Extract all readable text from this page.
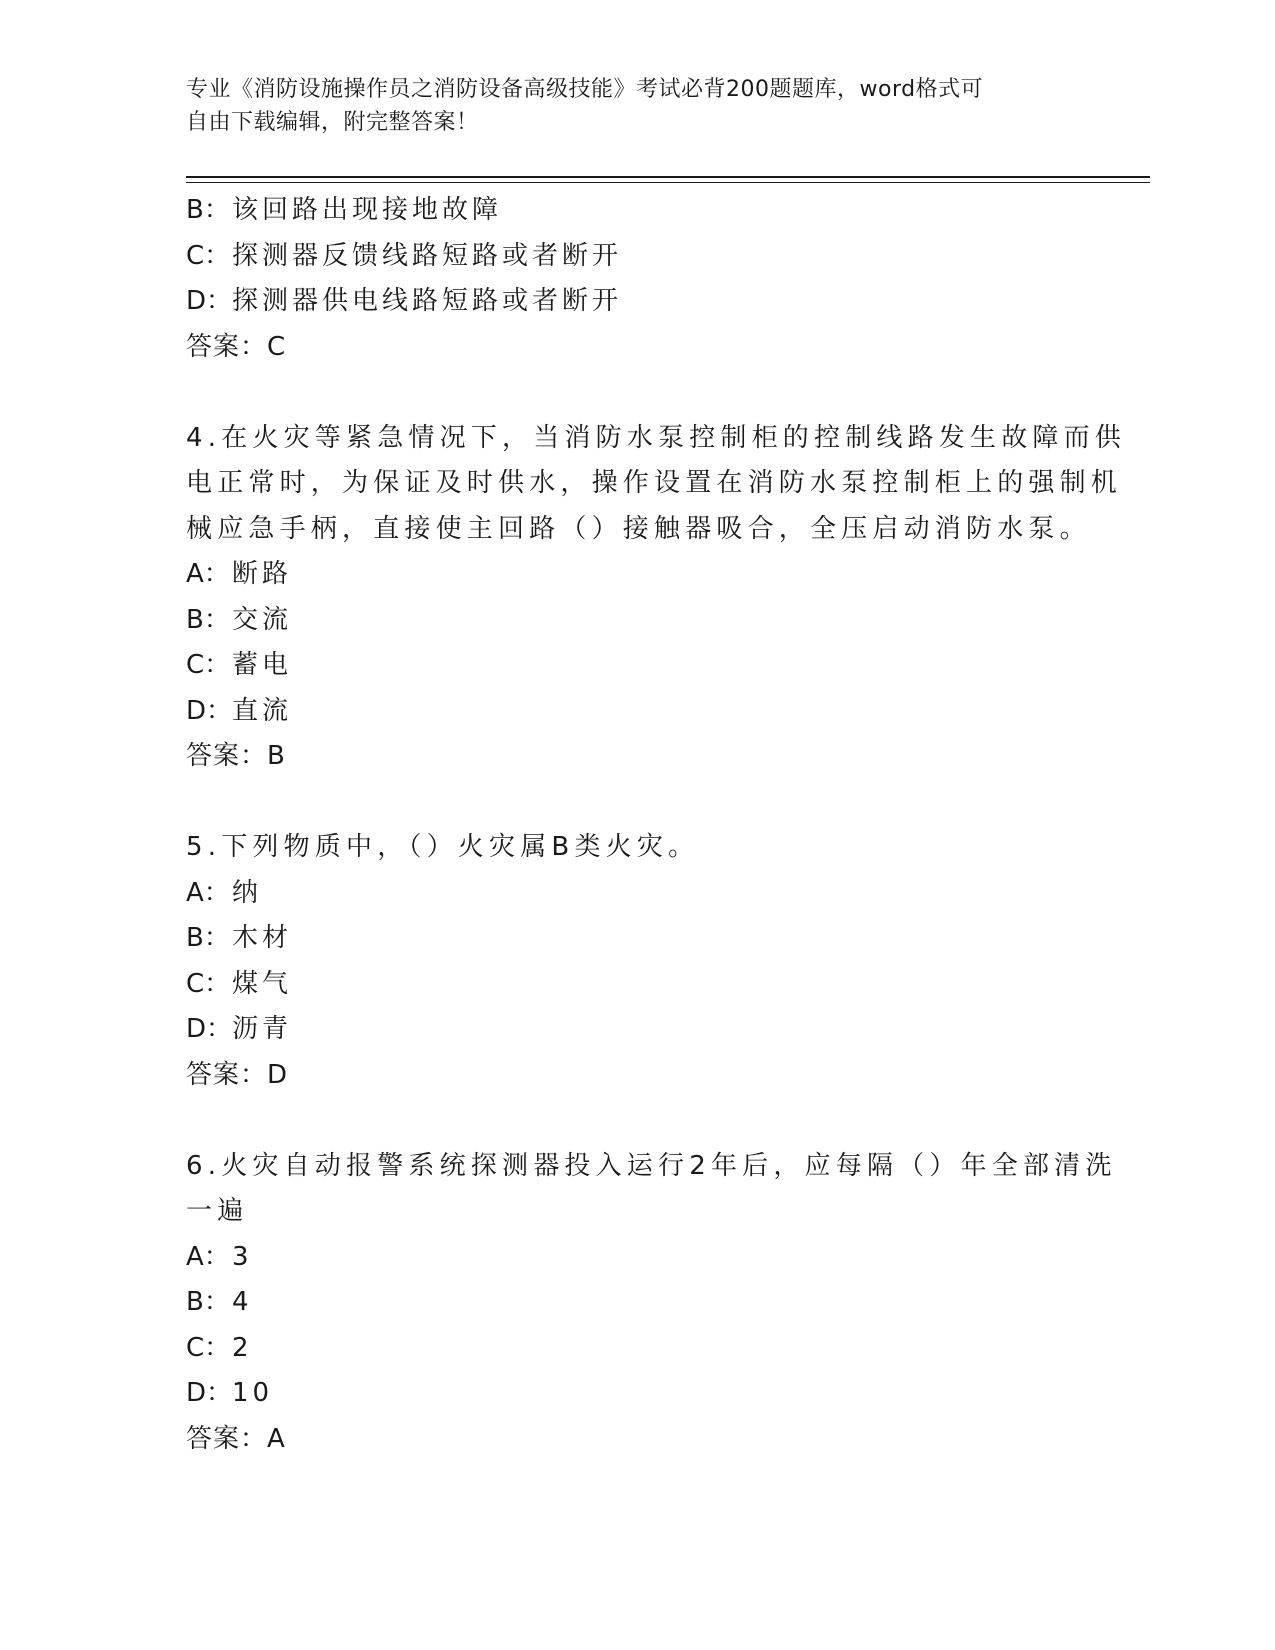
专业《消防设施操作员之消防设备高级技能》考试必背200题题库，word格式可
自由下载编辑，附完整答案！
B：该回路出现接地故障
C：探测器反馈线路短路或者断开
D：探测器供电线路短路或者断开
答案：C
4.在火灾等紧急情况下，当消防水泵控制柜的控制线路发生故障而供
电正常时，为保证及时供水，操作设置在消防水泵控制柜上的强制机
械应急手柄，直接使主回路（）接触器吸合，全压启动消防水泵。
A：断路
B：交流
C：蓄电
D：直流
答案：B
5.下列物质中，（）火灾属B类火灾。
A：纳
B：木材
C：煤气
D：沥青
答案：D
6.火灾自动报警系统探测器投入运行2年后，应每隔（）年全部清洗
一遍
A：3
B：4
C：2
D：10
答案：A
